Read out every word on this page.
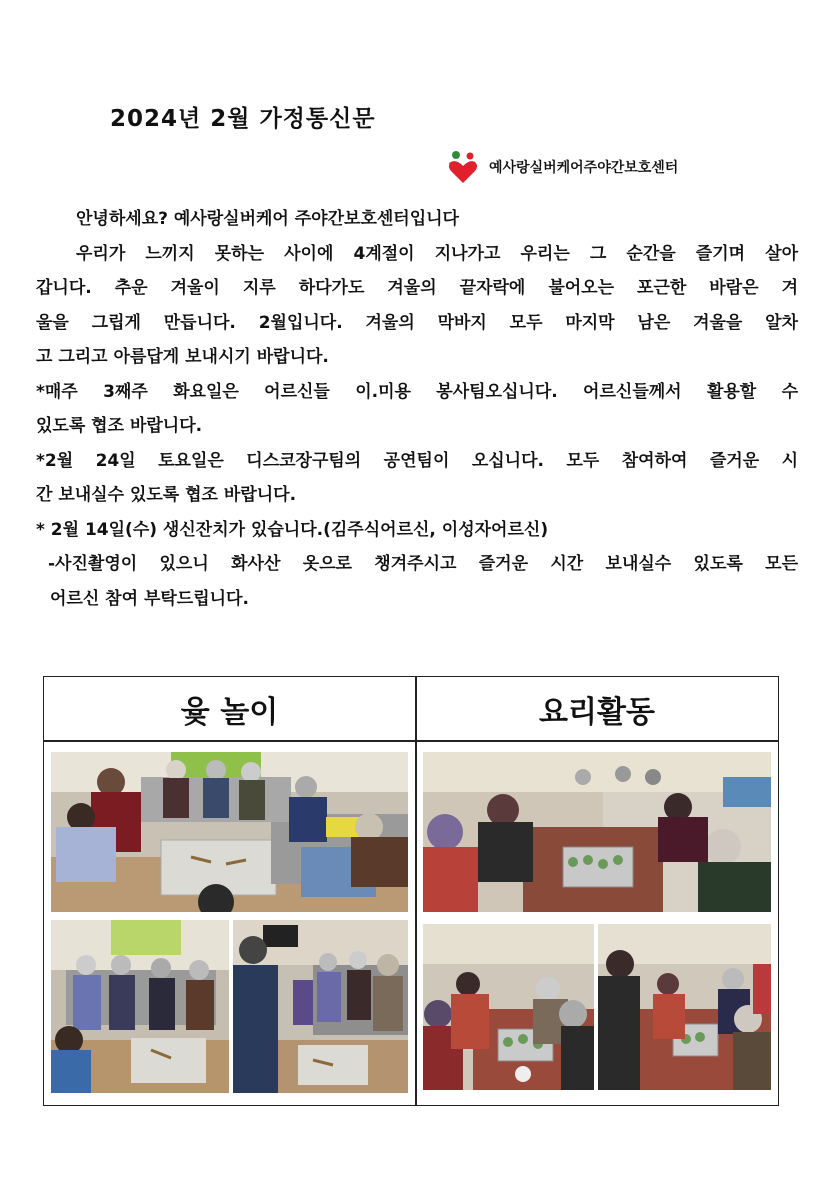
2024년 2월 가정통신문
예사랑실버케어주야간보호센터

안녕하세요? 예사랑실버케어 주야간보호센터입니다

우리가 느끼지 못하는 사이에 4계절이 지나가고 우리는 그 순간을 즐기며 살아

갑니다. 추운 겨울이 지루 하다가도 겨울의 끝자락에 불어오는 포근한 바람은 겨

울을 그립게 만듭니다. 2월입니다. 겨울의 막바지 모두 마지막 남은 겨울을 알차

고 그리고 아름답게 보내시기 바랍니다.

*매주 3째주 화요일은 어르신들 이.미용 봉사팀오십니다. 어르신들께서 활용할 수

있도록 협조 바랍니다.

*2월 24일 토요일은 디스코장구팀의 공연팀이 오십니다. 모두 참여하여 즐거운 시

간 보내실수 있도록 협조 바랍니다.

* 2월 14일(수) 생신잔치가 있습니다.(김주식어르신, 이성자어르신)

-사진촬영이 있으니 화사산 옷으로 챙겨주시고 즐거운 시간 보내실수 있도록 모든

어르신 참여 부탁드립니다.

윷 놀이	요리활동
